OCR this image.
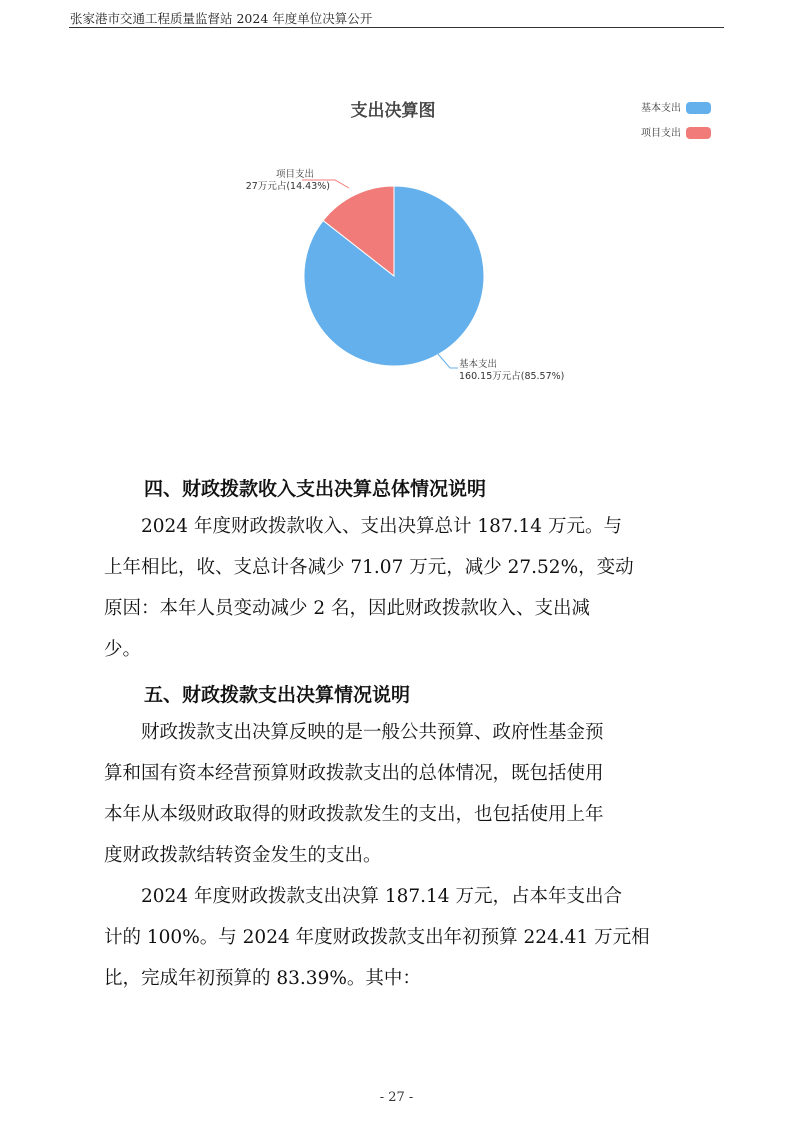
张家港市交通工程质量监督站 2024 年度单位决算公开
支出决算图	基本支出
项目支出
项目支出
27万元占(14.43%)
基本支出
160.15万元占(85.57%)
四、财政拨款收入支出决算总体情况说明
2024 年度财政拨款收入、支出决算总计 187.14 万元。与
上年相比，收、支总计各减少 71.07 万元，减少 27.52%，变动
原因：本年人员变动减少 2 名，因此财政拨款收入、支出减
少。
五、财政拨款支出决算情况说明
财政拨款支出决算反映的是一般公共预算、政府性基金预
算和国有资本经营预算财政拨款支出的总体情况，既包括使用
本年从本级财政取得的财政拨款发生的支出，也包括使用上年
度财政拨款结转资金发生的支出。
2024 年度财政拨款支出决算 187.14 万元，占本年支出合
计的 100%。与 2024 年度财政拨款支出年初预算 224.41 万元相
比，完成年初预算的 83.39%。其中：
- 27 -
